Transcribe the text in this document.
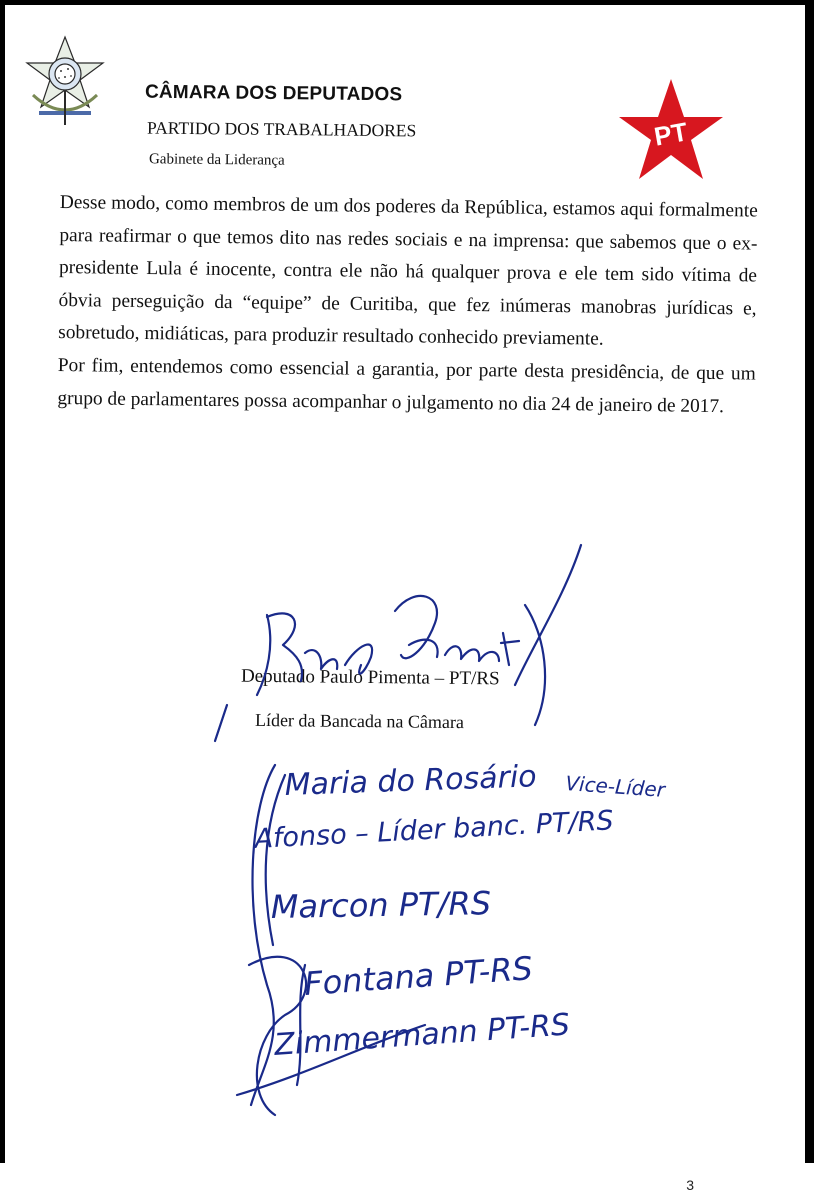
CÂMARA DOS DEPUTADOS
PARTIDO DOS TRABALHADORES
Gabinete da Liderança
PT

Desse modo, como membros de um dos poderes da República, estamos aqui formalmente para reafirmar o que temos dito nas redes sociais e na imprensa: que sabemos que o ex-presidente Lula é inocente, contra ele não há qualquer prova e ele tem sido vítima de óbvia perseguição da “equipe” de Curitiba, que fez inúmeras manobras jurídicas e, sobretudo, midiáticas, para produzir resultado conhecido previamente.

Por fim, entendemos como essencial a garantia, por parte desta presidência, de que um grupo de parlamentares possa acompanhar o julgamento no dia 24 de janeiro de 2017.

Deputado Paulo Pimenta – PT/RS
Líder da Bancada na Câmara
Maria do Rosário Vice-Líder
Afonso – Líder banc. PT/RS
Marcon PT/RS
Fontana PT-RS
Zimmermann PT-RS
3
